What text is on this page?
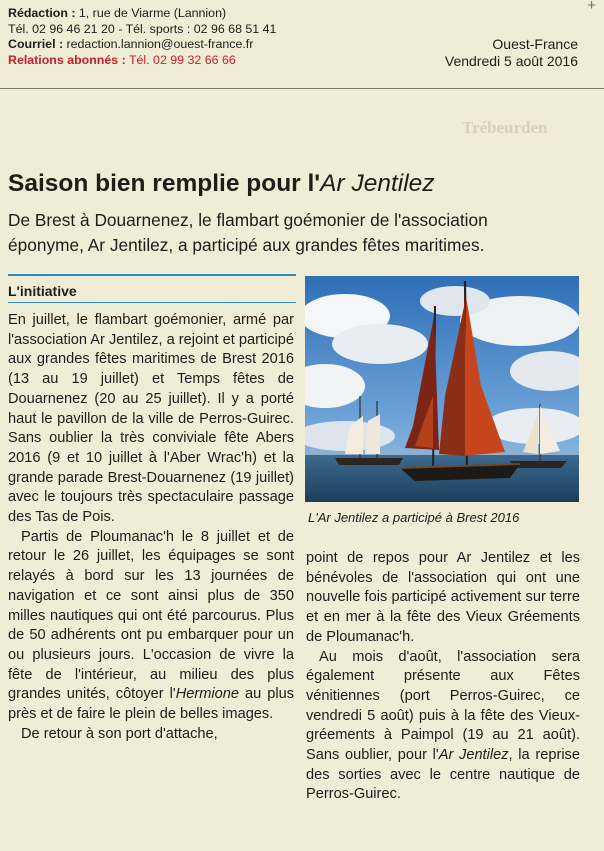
+
Rédaction : 1, rue de Viarme (Lannion)
Tél. 02 96 46 21 20 - Tél. sports : 02 96 68 51 41
Courriel : redaction.lannion@ouest-france.fr
Relations abonnés : Tél. 02 99 32 66 66
Ouest-France
Vendredi 5 août 2016
Trébeurden
Saison bien remplie pour l'Ar Jentilez
De Brest à Douarnenez, le flambart goémonier de l'association éponyme, Ar Jentilez, a participé aux grandes fêtes maritimes.
L'initiative

En juillet, le flambart goémonier, armé par l'association Ar Jentilez, a rejoint et participé aux grandes fêtes maritimes de Brest 2016 (13 au 19 juillet) et Temps fêtes de Douarnenez (20 au 25 juillet). Il y a porté haut le pavillon de la ville de Perros-Guirec. Sans oublier la très conviviale fête Abers 2016 (9 et 10 juillet à l'Aber Wrac'h) et la grande parade Brest-Douarnenez (19 juillet) avec le toujours très spectaculaire passage des Tas de Pois.

Partis de Ploumanac'h le 8 juillet et de retour le 26 juillet, les équipages se sont relayés à bord sur les 13 journées de navigation et ce sont ainsi plus de 350 milles nautiques qui ont été parcourus. Plus de 50 adhérents ont pu embarquer pour un ou plusieurs jours. L'occasion de vivre la fête de l'intérieur, au milieu des plus grandes unités, côtoyer l'Hermione au plus près et de faire le plein de belles images.

De retour à son port d'attache,

L'Ar Jentilez a participé à Brest 2016

point de repos pour Ar Jentilez et les bénévoles de l'association qui ont une nouvelle fois participé activement sur terre et en mer à la fête des Vieux Gréements de Ploumanac'h.

Au mois d'août, l'association sera également présente aux Fêtes vénitiennes (port Perros-Guirec, ce vendredi 5 août) puis à la fête des Vieux-gréements à Paimpol (19 au 21 août). Sans oublier, pour l'Ar Jentilez, la reprise des sorties avec le centre nautique de Perros-Guirec.
